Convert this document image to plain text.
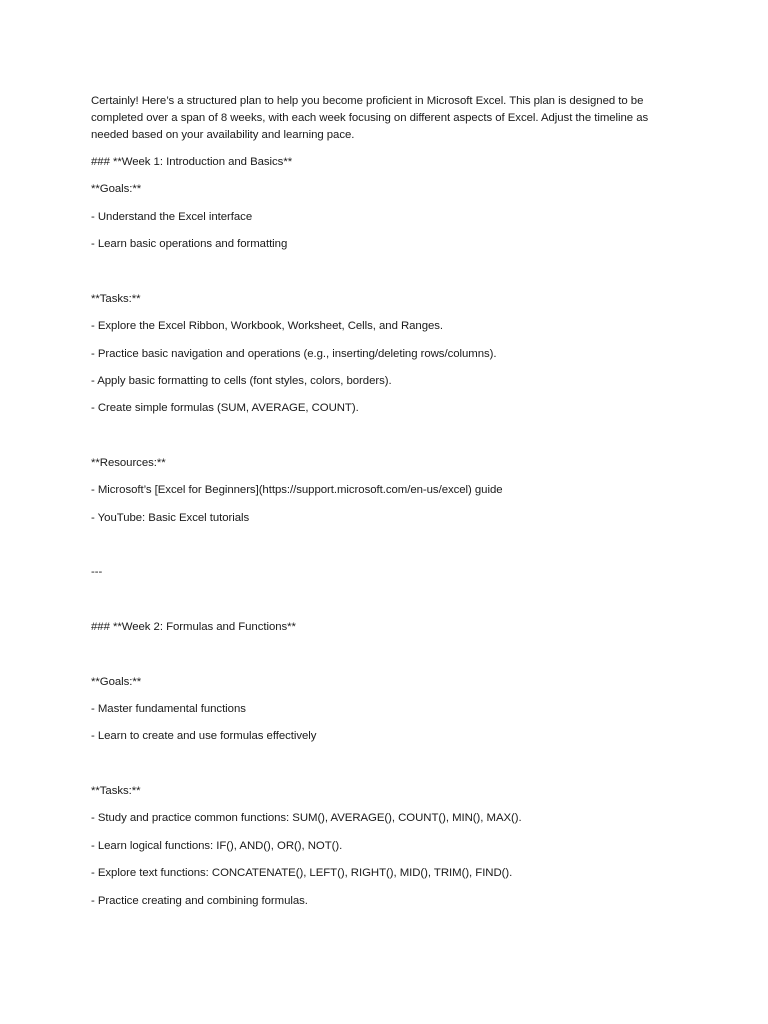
Certainly! Here’s a structured plan to help you become proficient in Microsoft Excel. This plan is designed to be completed over a span of 8 weeks, with each week focusing on different aspects of Excel. Adjust the timeline as needed based on your availability and learning pace.
### **Week 1: Introduction and Basics**
**Goals:**
- Understand the Excel interface
- Learn basic operations and formatting
**Tasks:**
- Explore the Excel Ribbon, Workbook, Worksheet, Cells, and Ranges.
- Practice basic navigation and operations (e.g., inserting/deleting rows/columns).
- Apply basic formatting to cells (font styles, colors, borders).
- Create simple formulas (SUM, AVERAGE, COUNT).
**Resources:**
- Microsoft’s [Excel for Beginners](https://support.microsoft.com/en-us/excel) guide
- YouTube: Basic Excel tutorials
---
### **Week 2: Formulas and Functions**
**Goals:**
- Master fundamental functions
- Learn to create and use formulas effectively
**Tasks:**
- Study and practice common functions: SUM(), AVERAGE(), COUNT(), MIN(), MAX().
- Learn logical functions: IF(), AND(), OR(), NOT().
- Explore text functions: CONCATENATE(), LEFT(), RIGHT(), MID(), TRIM(), FIND().
- Practice creating and combining formulas.
